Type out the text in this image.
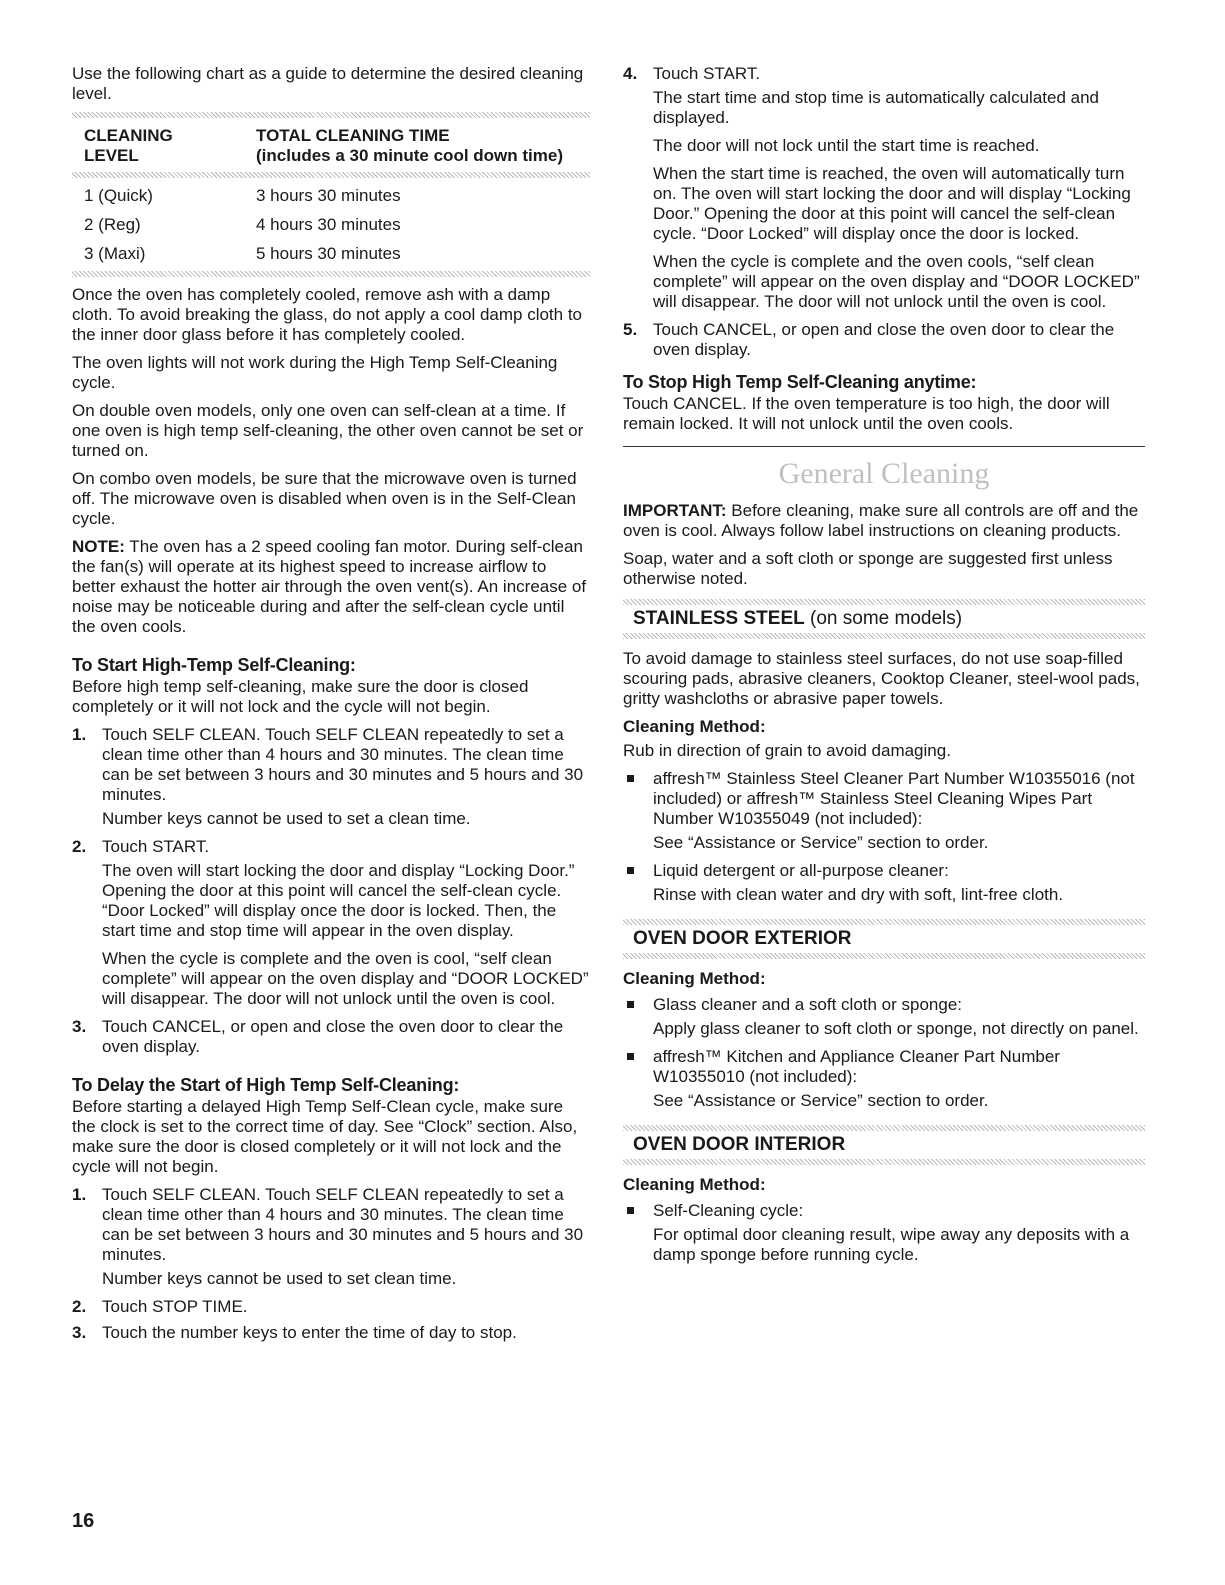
Use the following chart as a guide to determine the desired cleaning level.

CLEANING
LEVEL	TOTAL CLEANING TIME
(includes a 30 minute cool down time)

1 (Quick)	3 hours 30 minutes
2 (Reg)	4 hours 30 minutes
3 (Maxi)	5 hours 30 minutes

Once the oven has completely cooled, remove ash with a damp cloth. To avoid breaking the glass, do not apply a cool damp cloth to the inner door glass before it has completely cooled.

The oven lights will not work during the High Temp Self-Cleaning cycle.

On double oven models, only one oven can self-clean at a time. If one oven is high temp self-cleaning, the other oven cannot be set or turned on.

On combo oven models, be sure that the microwave oven is turned off. The microwave oven is disabled when oven is in the Self-Clean cycle.

NOTE: The oven has a 2 speed cooling fan motor. During self-clean the fan(s) will operate at its highest speed to increase airflow to better exhaust the hotter air through the oven vent(s). An increase of noise may be noticeable during and after the self-clean cycle until the oven cools.

To Start High-Temp Self-Cleaning:

Before high temp self-cleaning, make sure the door is closed completely or it will not lock and the cycle will not begin.

1. Touch SELF CLEAN. Touch SELF CLEAN repeatedly to set a clean time other than 4 hours and 30 minutes. The clean time can be set between 3 hours and 30 minutes and 5 hours and 30 minutes.

Number keys cannot be used to set a clean time.

2. Touch START.

The oven will start locking the door and display “Locking Door.” Opening the door at this point will cancel the self-clean cycle. “Door Locked” will display once the door is locked. Then, the start time and stop time will appear in the oven display.

When the cycle is complete and the oven is cool, “self clean complete” will appear on the oven display and “DOOR LOCKED” will disappear. The door will not unlock until the oven is cool.

3. Touch CANCEL, or open and close the oven door to clear the oven display.
To Delay the Start of High Temp Self-Cleaning:

Before starting a delayed High Temp Self-Clean cycle, make sure the clock is set to the correct time of day. See “Clock” section. Also, make sure the door is closed completely or it will not lock and the cycle will not begin.

1. Touch SELF CLEAN. Touch SELF CLEAN repeatedly to set a clean time other than 4 hours and 30 minutes. The clean time can be set between 3 hours and 30 minutes and 5 hours and 30 minutes.

Number keys cannot be used to set clean time.

2. Touch STOP TIME.
3. Touch the number keys to enter the time of day to stop.
4. Touch START.

The start time and stop time is automatically calculated and displayed.

The door will not lock until the start time is reached.

When the start time is reached, the oven will automatically turn on. The oven will start locking the door and will display “Locking Door.” Opening the door at this point will cancel the self-clean cycle. “Door Locked” will display once the door is locked.

When the cycle is complete and the oven cools, “self clean complete” will appear on the oven display and “DOOR LOCKED” will disappear. The door will not unlock until the oven is cool.

5. Touch CANCEL, or open and close the oven door to clear the oven display.
To Stop High Temp Self-Cleaning anytime:

Touch CANCEL. If the oven temperature is too high, the door will remain locked. It will not unlock until the oven cools.

General Cleaning

IMPORTANT: Before cleaning, make sure all controls are off and the oven is cool. Always follow label instructions on cleaning products.

Soap, water and a soft cloth or sponge are suggested first unless otherwise noted.

STAINLESS STEEL (on some models)

To avoid damage to stainless steel surfaces, do not use soap-filled scouring pads, abrasive cleaners, Cooktop Cleaner, steel-wool pads, gritty washcloths or abrasive paper towels.

Cleaning Method:

Rub in direction of grain to avoid damaging.

affresh™ Stainless Steel Cleaner Part Number W10355016 (not included) or affresh™ Stainless Steel Cleaning Wipes Part Number W10355049 (not included):

See “Assistance or Service” section to order.

Liquid detergent or all-purpose cleaner:

Rinse with clean water and dry with soft, lint-free cloth.

OVEN DOOR EXTERIOR
Cleaning Method:
Glass cleaner and a soft cloth or sponge:

Apply glass cleaner to soft cloth or sponge, not directly on panel.

affresh™ Kitchen and Appliance Cleaner Part Number W10355010 (not included):

See “Assistance or Service” section to order.

OVEN DOOR INTERIOR
Cleaning Method:
Self-Cleaning cycle:

For optimal door cleaning result, wipe away any deposits with a damp sponge before running cycle.

16
